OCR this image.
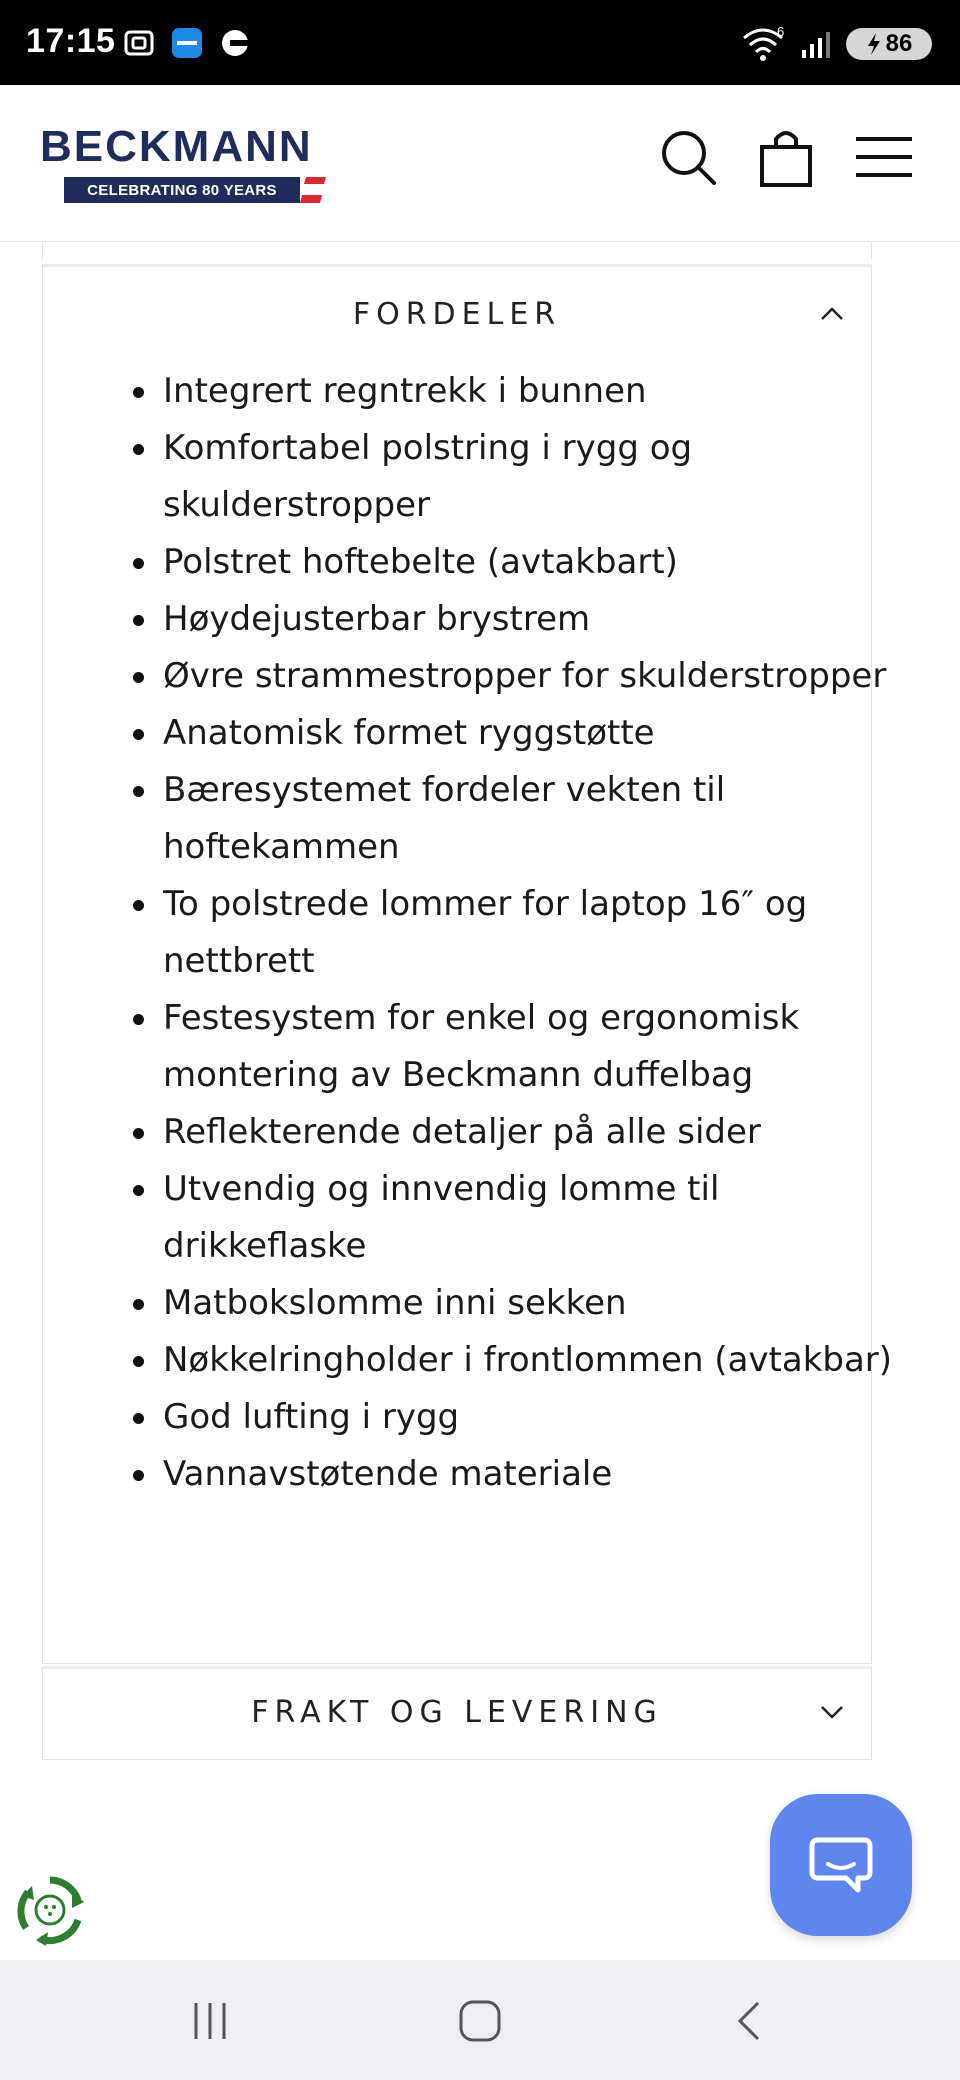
17:15	6	86
BECKMANN
CELEBRATING 80 YEARS
FORDELER
Integrert regntrekk i bunnen
Komfortabel polstring i rygg og skulderstropper
Polstret hoftebelte (avtakbart)
Høydejusterbar brystrem
Øvre strammestropper for skulderstropper
Anatomisk formet ryggstøtte
Bæresystemet fordeler vekten til hoftekammen
To polstrede lommer for laptop 16″ og nettbrett
Festesystem for enkel og ergonomisk montering av Beckmann duffelbag
Reflekterende detaljer på alle sider
Utvendig og innvendig lomme til drikkeflaske
Matbokslomme inni sekken
Nøkkelringholder i frontlommen (avtakbar)
God lufting i rygg
Vannavstøtende materiale
FRAKT OG LEVERING
